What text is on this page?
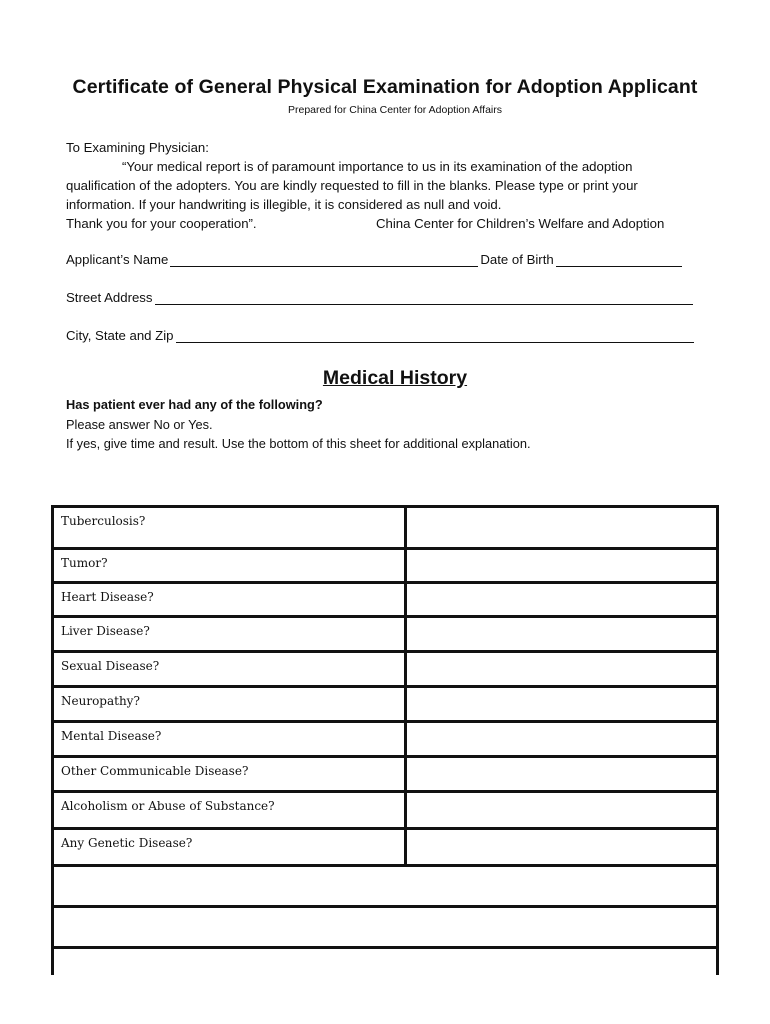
Certificate of General Physical Examination for Adoption Applicant
Prepared for China Center for Adoption Affairs
To Examining Physician:
“Your medical report is of paramount importance to us in its examination of the adoption
qualification of the adopters. You are kindly requested to fill in the blanks. Please type or print your
information. If your handwriting is illegible, it is considered as null and void.
Thank you for your cooperation”.	China Center for Children’s Welfare and Adoption
Applicant’s Name	Date of Birth
Street Address
City, State and Zip
Medical History
Has patient ever had any of the following?
Please answer No or Yes.
If yes, give time and result. Use the bottom of this sheet for additional explanation.
Tuberculosis?
Tumor?
Heart Disease?
Liver Disease?
Sexual Disease?
Neuropathy?
Mental Disease?
Other Communicable Disease?
Alcoholism or Abuse of Substance?
Any Genetic Disease?
